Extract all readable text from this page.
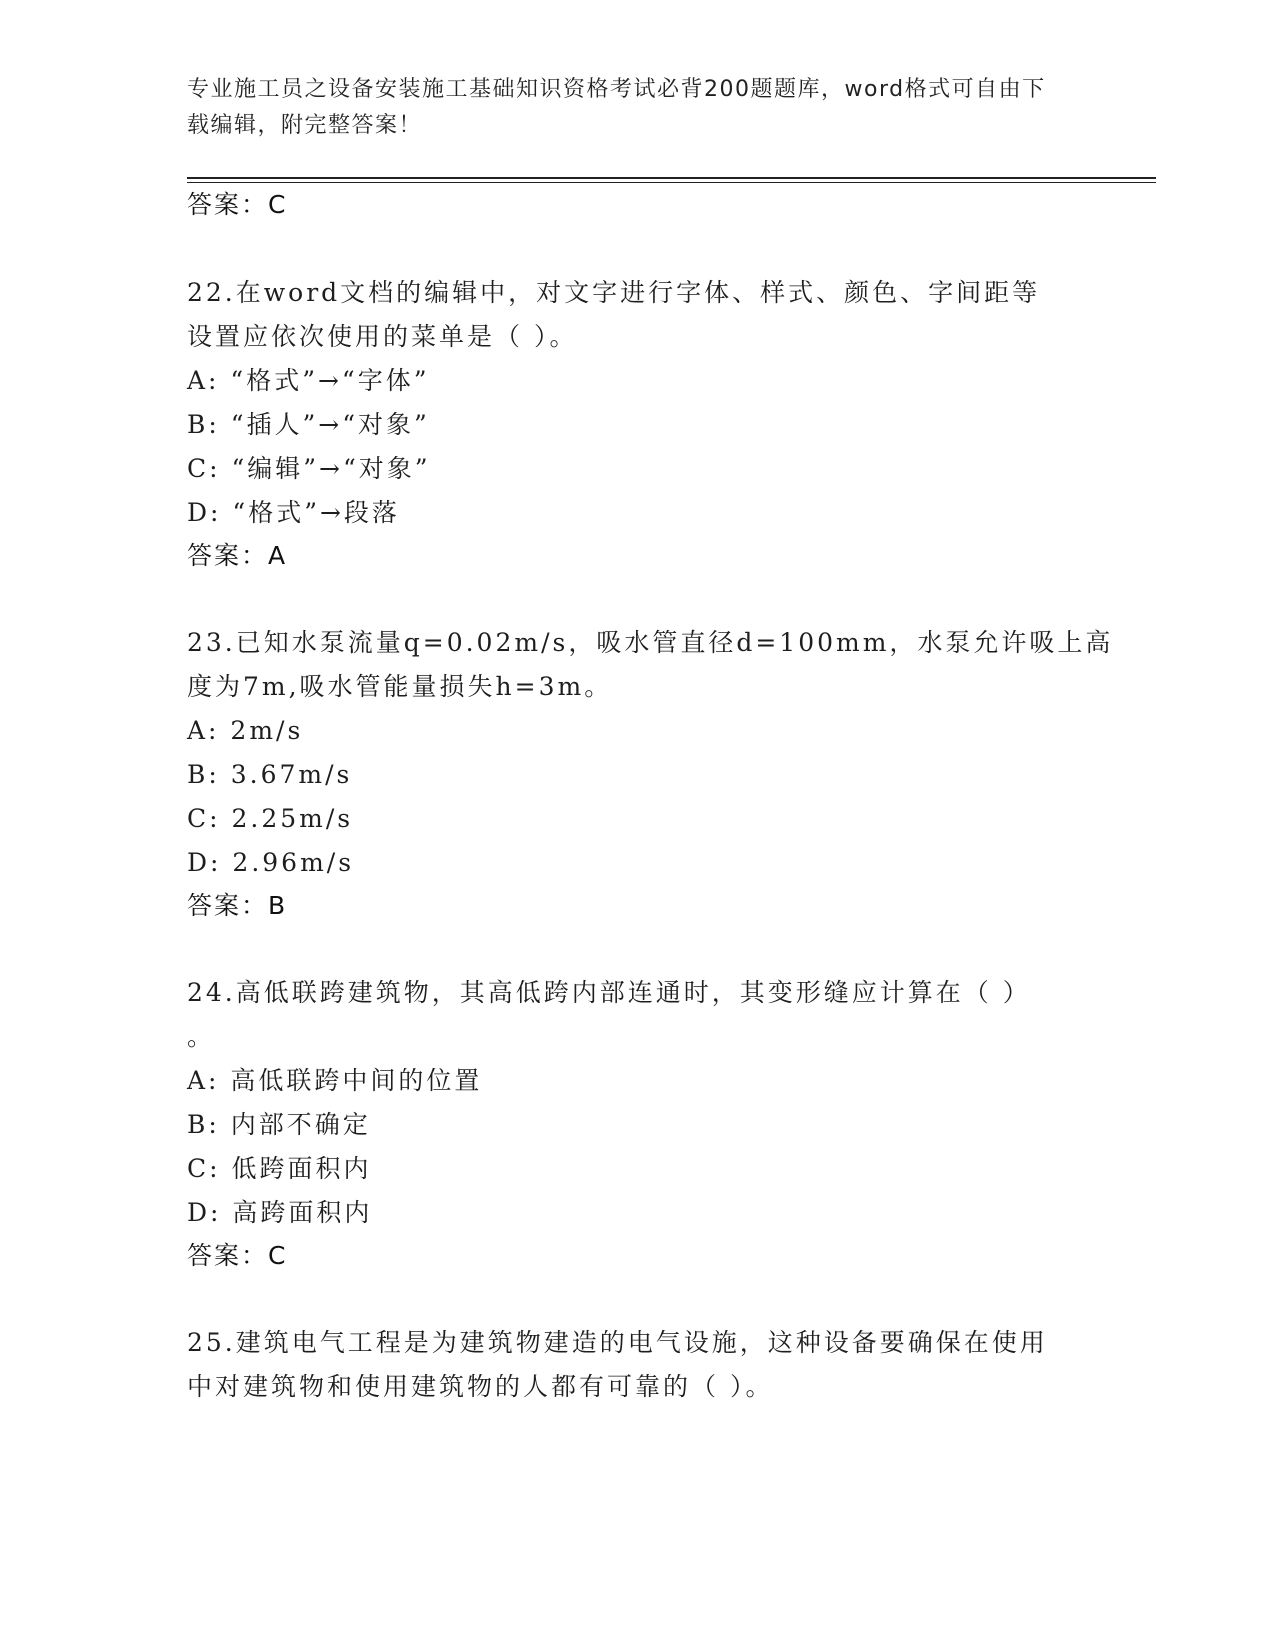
专业施工员之设备安装施工基础知识资格考试必背200题题库，word格式可自由下载编辑，附完整答案！
答案：C
22.在word文档的编辑中，对文字进行字体、样式、颜色、字间距等
设置应依次使用的菜单是（ ）。
A: “格式”→“字体”
B: “插人”→“对象”
C: “编辑”→“对象”
D: “格式”→段落
答案：A
23.已知水泵流量q=0.02m/s，吸水管直径d=100mm，水泵允许吸上高
度为7m,吸水管能量损失h=3m。
A: 2m/s
B: 3.67m/s
C: 2.25m/s
D: 2.96m/s
答案：B
24.高低联跨建筑物，其高低跨内部连通时，其变形缝应计算在（ ）
。
A: 高低联跨中间的位置
B: 内部不确定
C: 低跨面积内
D: 高跨面积内
答案：C
25.建筑电气工程是为建筑物建造的电气设施，这种设备要确保在使用
中对建筑物和使用建筑物的人都有可靠的（ ）。
